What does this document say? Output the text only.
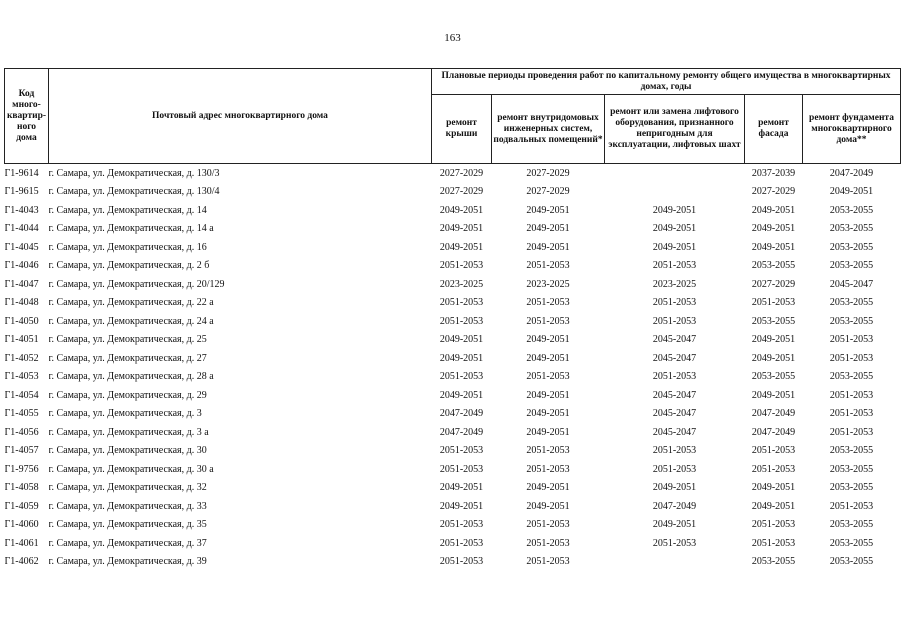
163
Код много-квартир-ного дома	Почтовый адрес многоквартирного дома	Плановые периоды проведения работ по капитальному ремонту общего имущества в многоквартирных домах, годы				
		ремонт крыши	ремонт внутридомовых инженерных систем, подвальных помещений*	ремонт или замена лифтового оборудования, признанного непригодным для эксплуатации, лифтовых шахт	ремонт фасада	ремонт фундамента многоквартирного дома**
Г1-9614	г. Самара, ул. Демократическая, д. 130/3	2027-2029	2027-2029		2037-2039	2047-2049
Г1-9615	г. Самара, ул. Демократическая, д. 130/4	2027-2029	2027-2029		2027-2029	2049-2051
Г1-4043	г. Самара, ул. Демократическая, д. 14	2049-2051	2049-2051	2049-2051	2049-2051	2053-2055
Г1-4044	г. Самара, ул. Демократическая, д. 14 а	2049-2051	2049-2051	2049-2051	2049-2051	2053-2055
Г1-4045	г. Самара, ул. Демократическая, д. 16	2049-2051	2049-2051	2049-2051	2049-2051	2053-2055
Г1-4046	г. Самара, ул. Демократическая, д. 2 б	2051-2053	2051-2053	2051-2053	2053-2055	2053-2055
Г1-4047	г. Самара, ул. Демократическая, д. 20/129	2023-2025	2023-2025	2023-2025	2027-2029	2045-2047
Г1-4048	г. Самара, ул. Демократическая, д. 22 а	2051-2053	2051-2053	2051-2053	2051-2053	2053-2055
Г1-4050	г. Самара, ул. Демократическая, д. 24 а	2051-2053	2051-2053	2051-2053	2053-2055	2053-2055
Г1-4051	г. Самара, ул. Демократическая, д. 25	2049-2051	2049-2051	2045-2047	2049-2051	2051-2053
Г1-4052	г. Самара, ул. Демократическая, д. 27	2049-2051	2049-2051	2045-2047	2049-2051	2051-2053
Г1-4053	г. Самара, ул. Демократическая, д. 28 а	2051-2053	2051-2053	2051-2053	2053-2055	2053-2055
Г1-4054	г. Самара, ул. Демократическая, д. 29	2049-2051	2049-2051	2045-2047	2049-2051	2051-2053
Г1-4055	г. Самара, ул. Демократическая, д. 3	2047-2049	2049-2051	2045-2047	2047-2049	2051-2053
Г1-4056	г. Самара, ул. Демократическая, д. 3 а	2047-2049	2049-2051	2045-2047	2047-2049	2051-2053
Г1-4057	г. Самара, ул. Демократическая, д. 30	2051-2053	2051-2053	2051-2053	2051-2053	2053-2055
Г1-9756	г. Самара, ул. Демократическая, д. 30 а	2051-2053	2051-2053	2051-2053	2051-2053	2053-2055
Г1-4058	г. Самара, ул. Демократическая, д. 32	2049-2051	2049-2051	2049-2051	2049-2051	2053-2055
Г1-4059	г. Самара, ул. Демократическая, д. 33	2049-2051	2049-2051	2047-2049	2049-2051	2051-2053
Г1-4060	г. Самара, ул. Демократическая, д. 35	2051-2053	2051-2053	2049-2051	2051-2053	2053-2055
Г1-4061	г. Самара, ул. Демократическая, д. 37	2051-2053	2051-2053	2051-2053	2051-2053	2053-2055
Г1-4062	г. Самара, ул. Демократическая, д. 39	2051-2053	2051-2053		2053-2055	2053-2055
